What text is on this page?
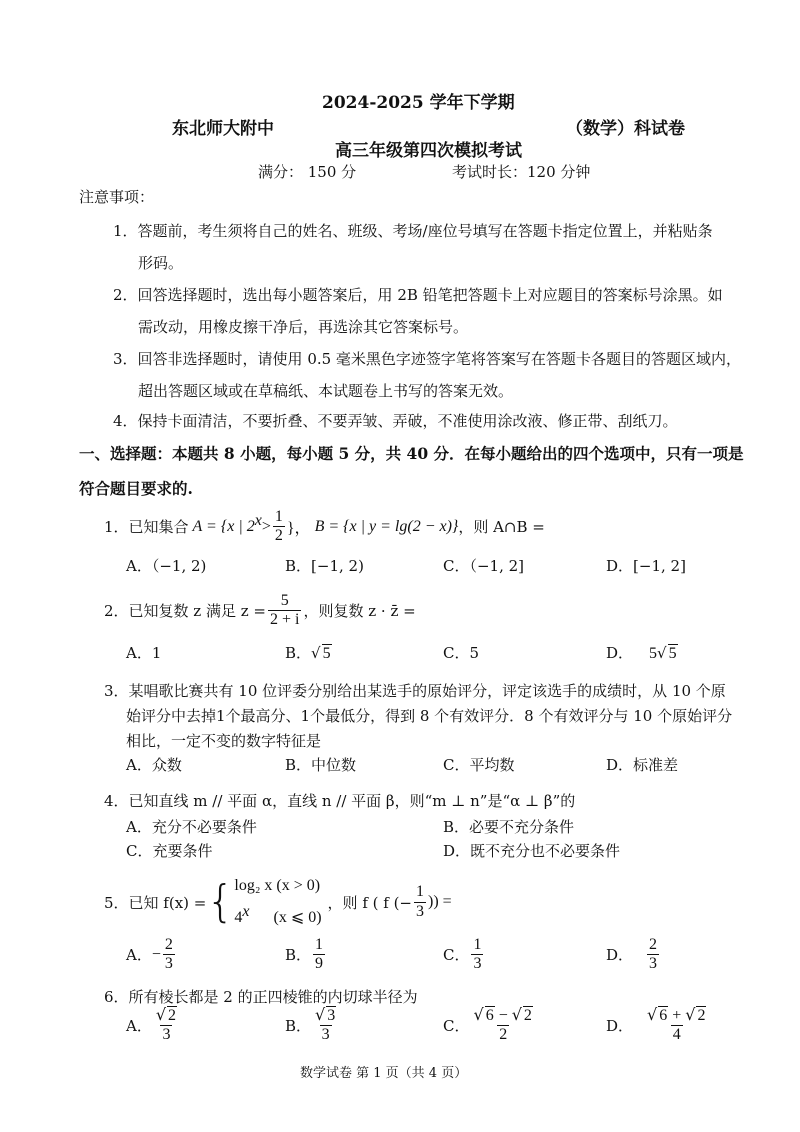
2024-2025 学年下学期
东北师大附中	（数学）科试卷
高三年级第四次模拟考试
满分： 150 分	考试时长：120 分钟
注意事项：
1．答题前，考生须将自己的姓名、班级、考场/座位号填写在答题卡指定位置上，并粘贴条
形码。
2．回答选择题时，选出每小题答案后，用 2B 铅笔把答题卡上对应题目的答案标号涂黑。如
需改动，用橡皮擦干净后，再选涂其它答案标号。
3．回答非选择题时，请使用 0.5 毫米黑色字迹签字笔将答案写在答题卡各题目的答题区域内，
超出答题区域或在草稿纸、本试题卷上书写的答案无效。
4．保持卡面清洁，不要折叠、不要弄皱、弄破，不准使用涂改液、修正带、刮纸刀。
一、选择题：本题共 8 小题，每小题 5 分，共 40 分．在每小题给出的四个选项中，只有一项是
符合题目要求的.
1．已知集合 A = {x | 2 $x > \frac{1}{2}$ }， B = {x | y = lg(2 − x)} ，则 A∩B =
A．（−1, 2)	B．[−1, 2)	C．（−1, 2]	D．[−1, 2]
2．已知复数 z 满足 $z = \frac{5}{2 + i}$ ，则复数 z · z̄ =
A．1	B．√ 5	C．5	D． 5√ 5
3．某唱歌比赛共有 10 位评委分别给出某选手的原始评分，评定该选手的成绩时，从 10 个原
始评分中去掉1个最高分、1个最低分，得到 8 个有效评分．8 个有效评分与 10 个原始评分
相比，一定不变的数字特征是
A．众数	B．中位数	C．平均数	D．标准差
4．已知直线 m // 平面 α，直线 n // 平面 β，则“m ⊥ n”是“α ⊥ β”的
A．充分不必要条件	B．必要不充分条件
C．充要条件	D．既不充分也不必要条件
5．已知 f(x) = { log₂ x (x > 0)
4$^x$ (x ⩽ 0)
，则 f ( f (− $\frac{1}{3}$ )) =
A． − $\frac{2}{3}$	B． $\frac{1}{9}$	C． $\frac{1}{3}$	D． $\frac{2}{3}$
6．所有棱长都是 2 的正四棱锥的内切球半径为
A． $\frac{√ 2}{3}$	B． $\frac{√ 3}{3}$	C． $\frac{√ 6 - √ 2}{2}$	D． $\frac{√ 6 + √ 2}{4}$
数学试卷 第 1 页（共 4 页）
